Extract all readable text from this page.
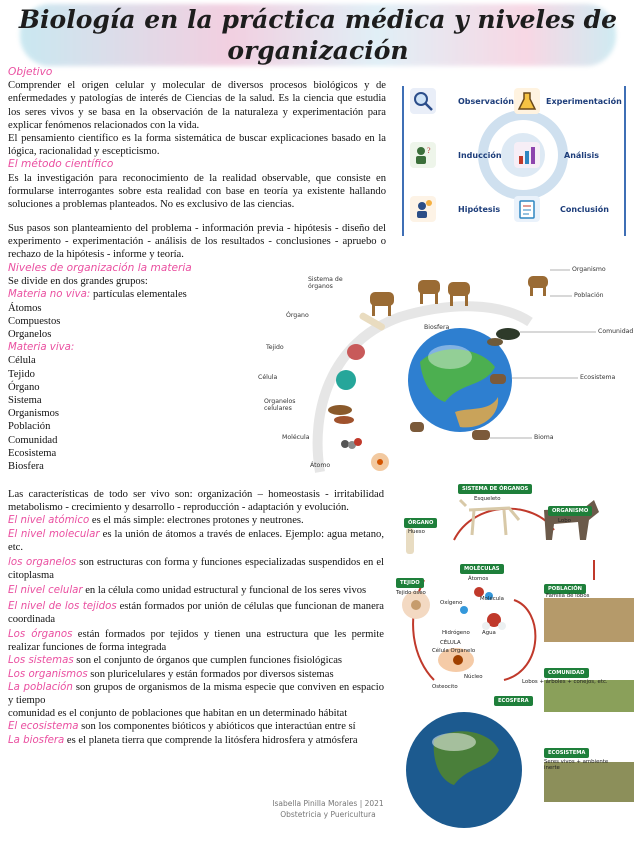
Biología en la práctica médica y niveles de
organización

Objetivo

Comprender el origen celular y molecular de diversos procesos biológicos y de enfermedades y patologías de interés de Ciencias de la salud. Es la ciencia que estudia los seres vivos y se basa en la observación de la naturaleza y experimentación para explicar fenómenos relacionados con la vida.

El pensamiento científico es la forma sistemática de buscar explicaciones basado en la lógica, racionalidad y escepticismo.

El método científico

Es la investigación para reconocimiento de la realidad observable, que consiste en formularse interrogantes sobre esta realidad con base en teoría ya existente hallando soluciones a problemas planteados. No es exclusivo de las ciencias.

Sus pasos son planteamiento del problema - información previa - hipótesis - diseño del experimento - experimentación - análisis de los resultados - conclusiones - apruebo o rechazo de la hipótesis - informe y teoría.

Niveles de organización la materia

Se divide en dos grandes grupos:

Materia no viva: partículas elementales

Átomos

Compuestos

Organelos

Materia viva:

Célula

Tejido

Órgano

Sistema

Organismos

Población

Comunidad

Ecosistema

Biosfera

Las características de todo ser vivo son: organización – homeostasis - irritabilidad metabolismo - crecimiento y desarrollo - reproducción - adaptación y evolución.

El nivel atómico es el más simple: electrones protones y neutrones.

El nivel molecular es la unión de átomos a través de enlaces. Ejemplo: agua metano, etc.

los organelos son estructuras con forma y funciones especializadas suspendidos en el citoplasma

El nivel celular en la célula como unidad estructural y funcional de los seres vivos

El nivel de los tejidos están formados por unión de células que funcionan de manera coordinada

Los órganos están formados por tejidos y tienen una estructura que les permite realizar funciones de forma integrada

Los sistemas son el conjunto de órganos que cumplen funciones fisiológicas

Los organismos son pluricelulares y están formados por diversos sistemas

La población son grupos de organismos de la misma especie que conviven en espacio y tiempo

comunidad es el conjunto de poblaciones que habitan en un determinado hábitat

El ecosistema son los componentes bióticos y abióticos que interactúan entre sí

La biosfera es el planeta tierra que comprende la litósfera hidrosfera y atmósfera

Observación	Experimentación
?	Inducción	Análisis
Hipótesis	Conclusión
Sistema de órganos
Organismo
Población
Órgano
Comunidad
Biosfera
Tejido
Célula	Ecosistema
Organelos celulares
Molécula	Bioma
Átomo
SISTEMA DE ÓRGANOS
Esqueleto
ÓRGANO
Hueso
ORGANISMO
Lobo
TEJIDO
Tejido óseo
MOLÉCULAS
Átomos
Oxígeno
Molécula
Hidrógeno Agua
CÉLULA
Célula Organelo
Núcleo
Osteocito
POBLACIÓN
Familia de lobos
COMUNIDAD
Lobos + árboles + conejos, etc.
ECOSFERA
ECOSISTEMA
Seres vivos + ambiente inerte
Isabella Pinilla Morales | 2021
Obstetricia y Puericultura
